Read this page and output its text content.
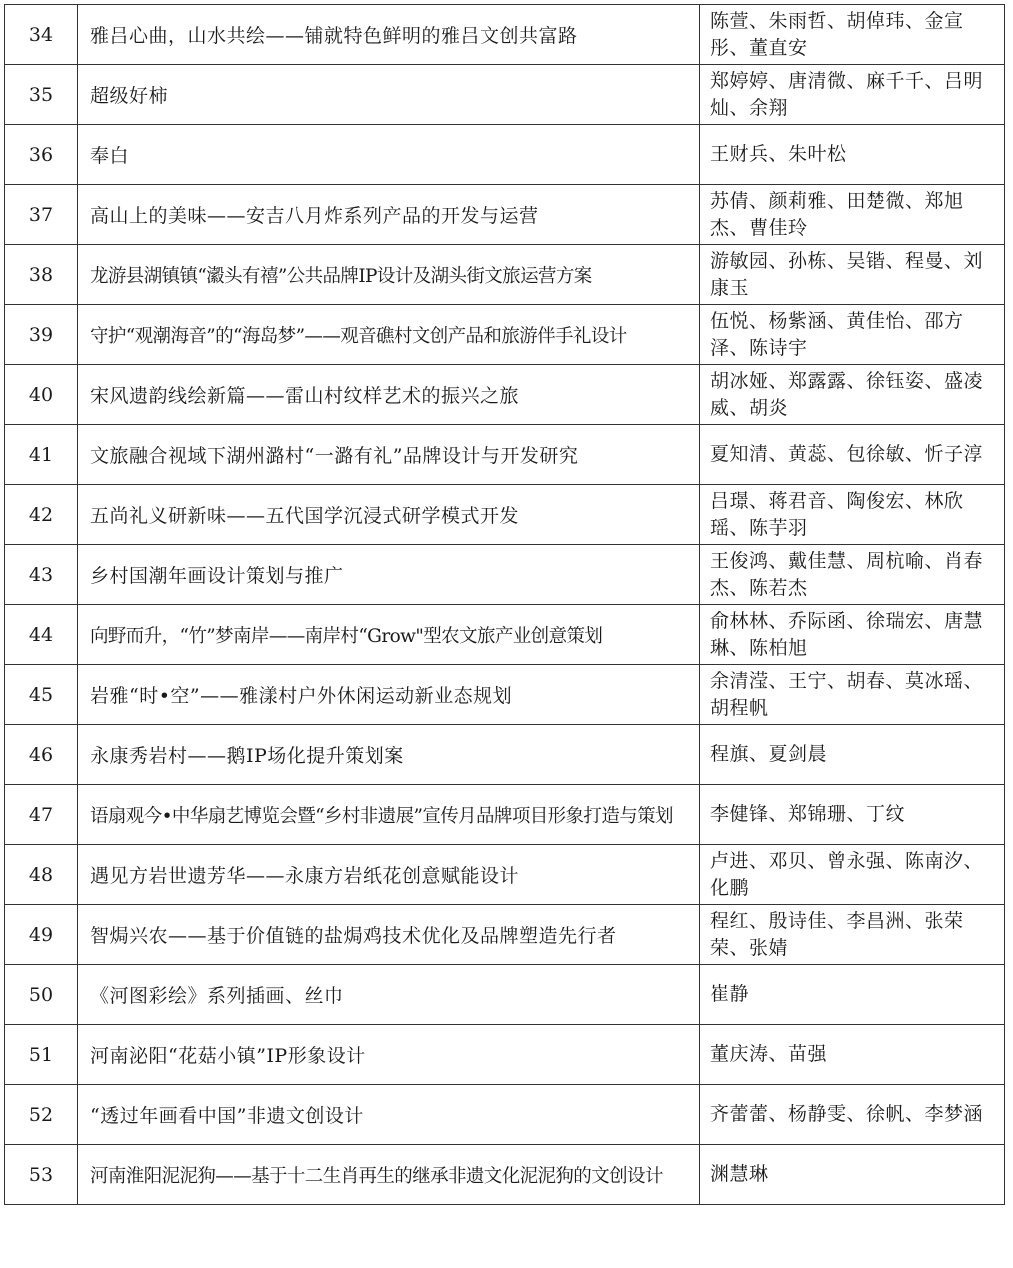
34	雅吕心曲，山水共绘——铺就特色鲜明的雅吕文创共富路	陈萱、朱雨哲、胡倬玮、金宣彤、董直安
35	超级好柿	郑婷婷、唐清微、麻千千、吕明灿、余翔
36	奉白	王财兵、朱叶松
37	高山上的美味——安吉八月炸系列产品的开发与运营	苏倩、颜莉雅、田楚微、郑旭杰、曹佳玲
38	龙游县湖镇镇“瀫头有禧”公共品牌IP设计及湖头街文旅运营方案	游敏园、孙栋、吴锴、程曼、刘康玉
39	守护“观潮海音”的“海岛梦”——观音礁村文创产品和旅游伴手礼设计	伍悦、杨紫涵、黄佳怡、邵方泽、陈诗宇
40	宋风遗韵线绘新篇——雷山村纹样艺术的振兴之旅	胡冰娅、郑露露、徐钰姿、盛凌威、胡炎
41	文旅融合视域下湖州潞村“一潞有礼”品牌设计与开发研究	夏知清、黄蕊、包徐敏、忻子淳
42	五尚礼义研新味——五代国学沉浸式研学模式开发	吕璟、蒋君音、陶俊宏、林欣瑶、陈芋羽
43	乡村国潮年画设计策划与推广	王俊鸿、戴佳慧、周杭喻、肖春杰、陈若杰
44	向野而升，“竹”梦南岸——南岸村“Grow"型农文旅产业创意策划	俞林林、乔际函、徐瑞宏、唐慧琳、陈柏旭
45	岩雅“时•空”——雅漾村户外休闲运动新业态规划	余清滢、王宁、胡春、莫冰瑶、胡程帆
46	永康秀岩村——鹅IP场化提升策划案	程旗、夏剑晨
47	语扇观今•中华扇艺博览会暨“乡村非遗展”宣传月品牌项目形象打造与策划	李健锋、郑锦珊、丁纹
48	遇见方岩世遗芳华——永康方岩纸花创意赋能设计	卢进、邓贝、曾永强、陈南汐、化鹏
49	智焗兴农——基于价值链的盐焗鸡技术优化及品牌塑造先行者	程红、殷诗佳、李昌洲、张荣荣、张婧
50	《河图彩绘》系列插画、丝巾	崔静
51	河南泌阳“花菇小镇”IP形象设计	董庆涛、苗强
52	“透过年画看中国”非遗文创设计	齐蕾蕾、杨静雯、徐帆、李梦涵
53	河南淮阳泥泥狗——基于十二生肖再生的继承非遗文化泥泥狗的文创设计	渊慧琳
